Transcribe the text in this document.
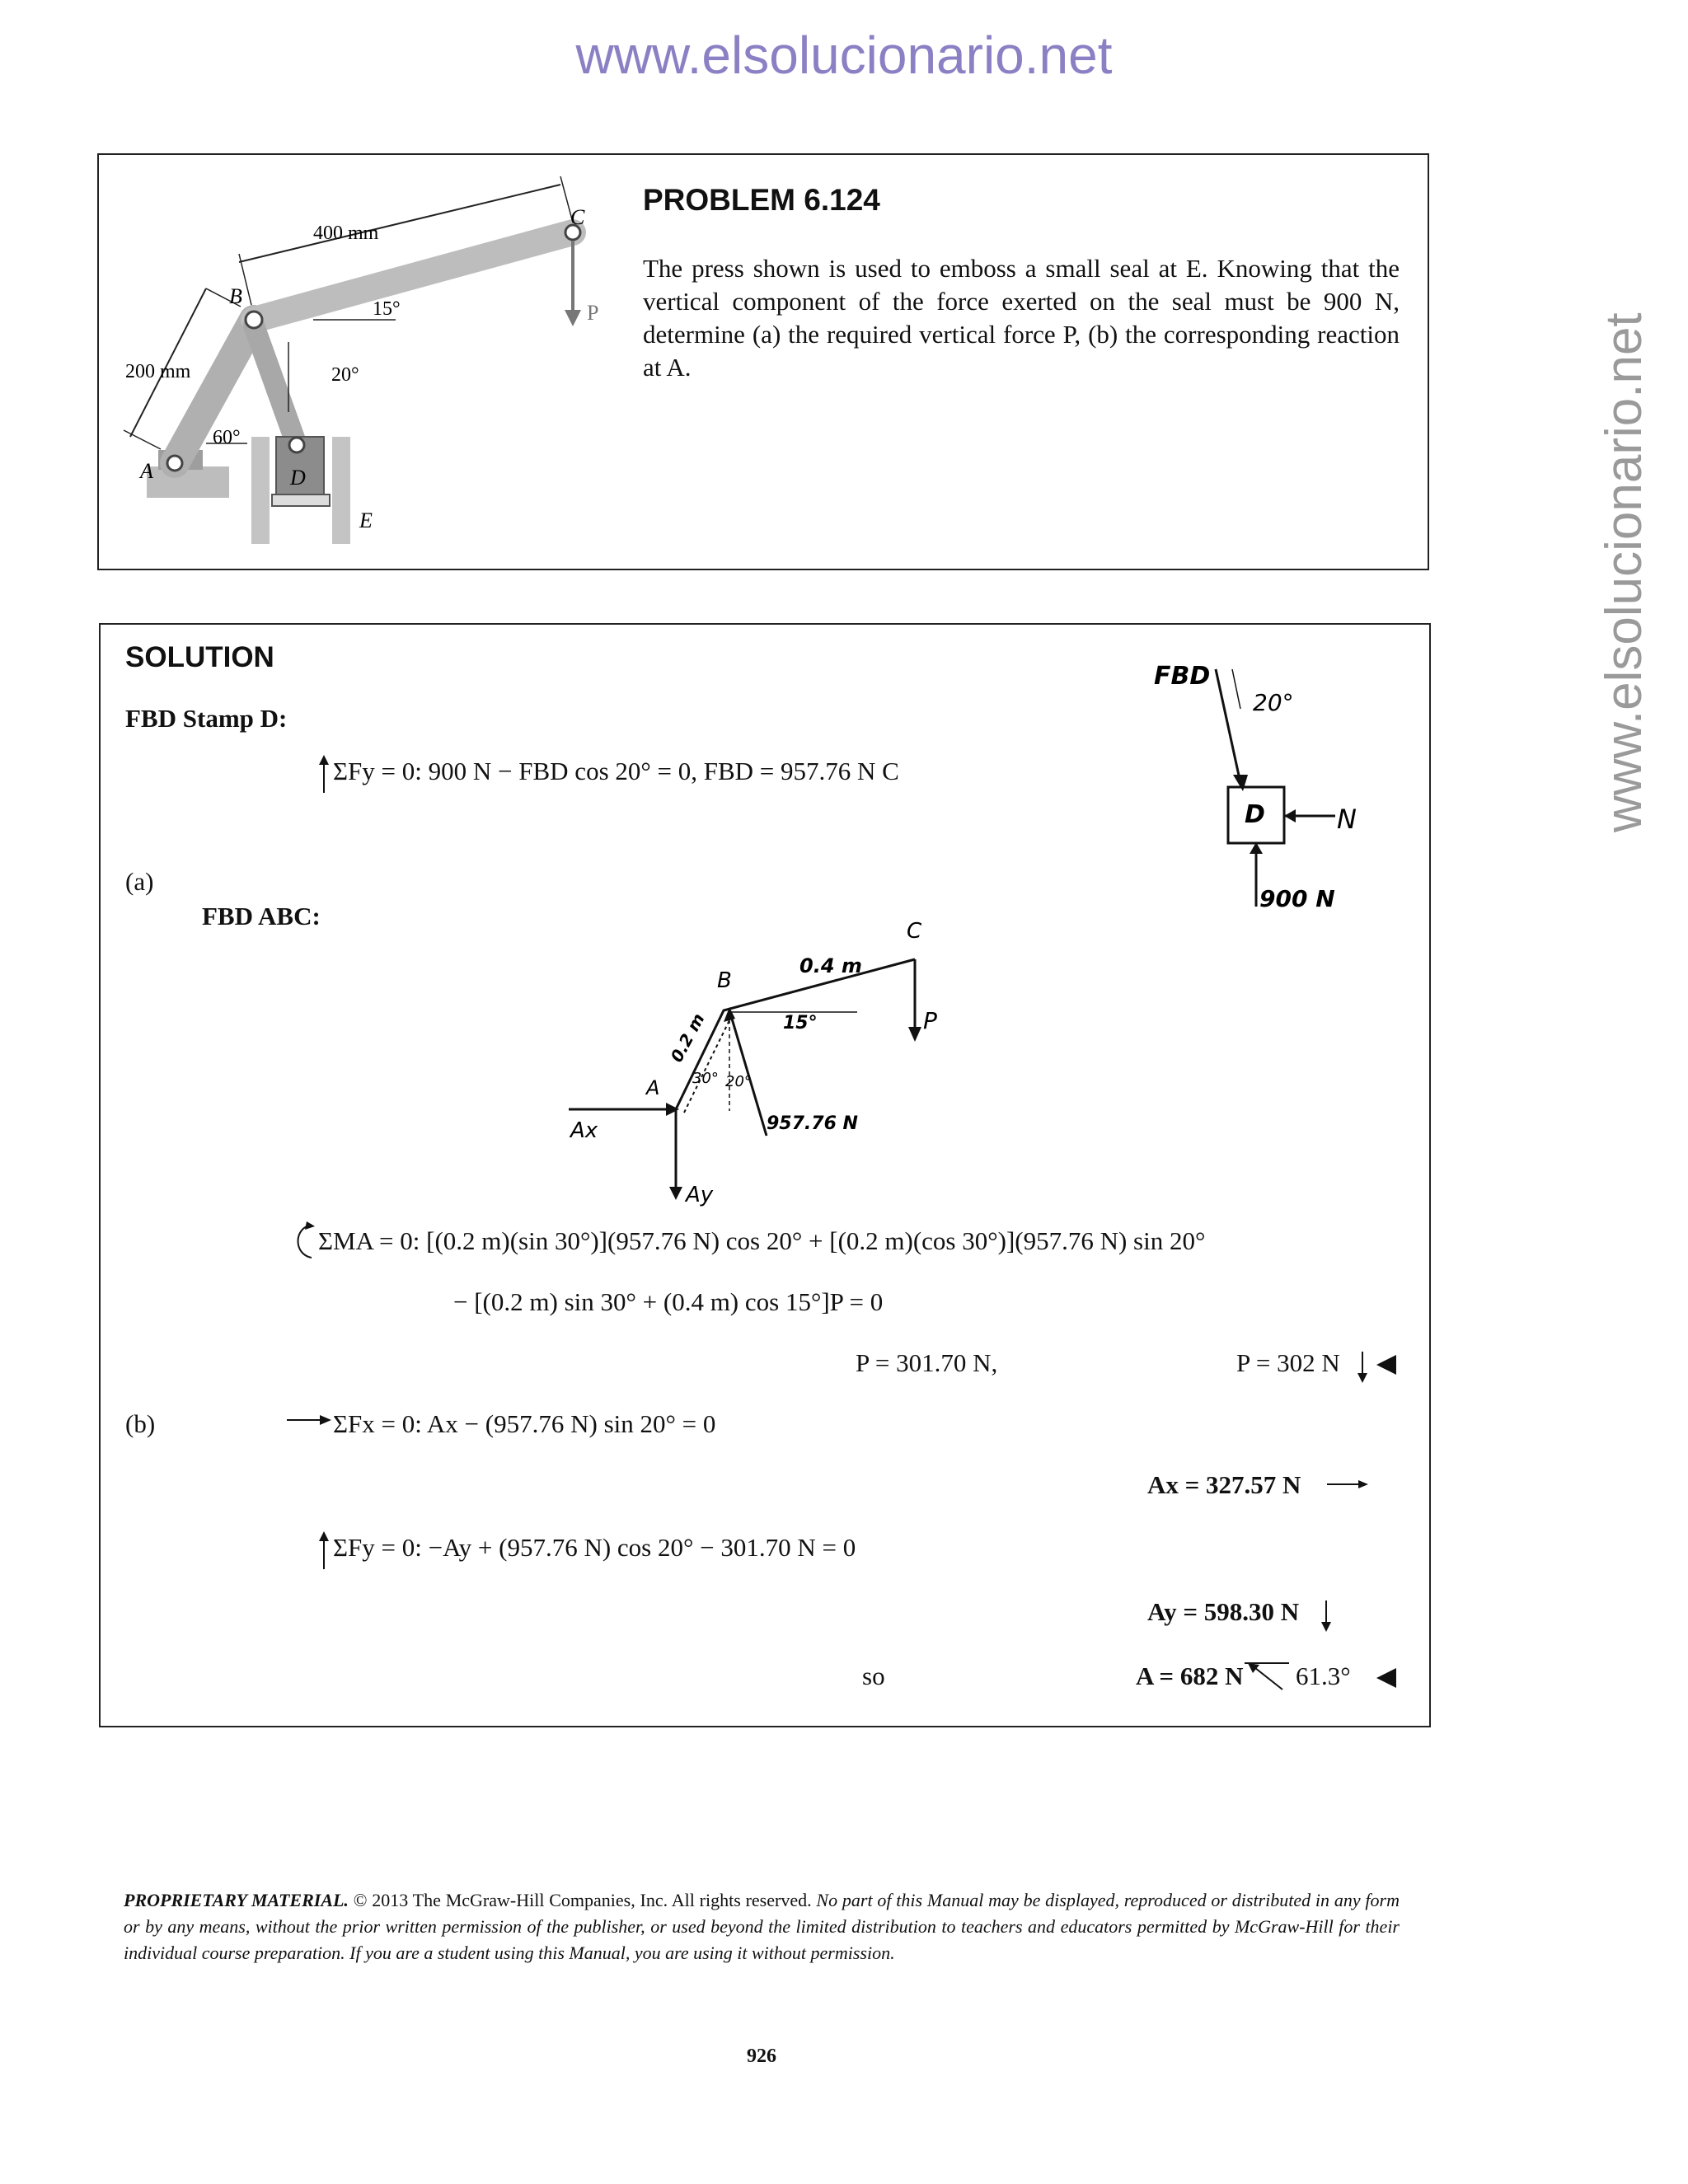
www.elsolucionario.net
www.elsolucionario.net
400 mm
200 mm
15°
20°
60°
A
B
C
D
E
P
PROBLEM 6.124
The press shown is used to emboss a small seal at E. Knowing that the vertical component of the force exerted on the seal must be 900 N, determine (a) the required vertical force P, (b) the corresponding reaction at A.
SOLUTION
FBD Stamp D:
ΣFy = 0: 900 N − FBD cos 20° = 0, FBD = 957.76 N C
FBD
20°
D	N
900 N
(a)
FBD ABC:
C
B
0.4 m
0.2 m	15°	P
A 30° 20°
957.76 N
Ax
Ay
ΣMA = 0: [(0.2 m)(sin 30°)](957.76 N) cos 20° + [(0.2 m)(cos 30°)](957.76 N) sin 20°
− [(0.2 m) sin 30° + (0.4 m) cos 15°]P = 0
P = 301.70 N,	P = 302 N
(b)	ΣFx = 0: Ax − (957.76 N) sin 20° = 0
Ax = 327.57 N
ΣFy = 0: −Ay + (957.76 N) cos 20° − 301.70 N = 0
Ay = 598.30 N
so	A = 682 N 61.3°
PROPRIETARY MATERIAL. © 2013 The McGraw-Hill Companies, Inc. All rights reserved. No part of this Manual may be displayed, reproduced or distributed in any form or by any means, without the prior written permission of the publisher, or used beyond the limited distribution to teachers and educators permitted by McGraw-Hill for their individual course preparation. If you are a student using this Manual, you are using it without permission.
926
